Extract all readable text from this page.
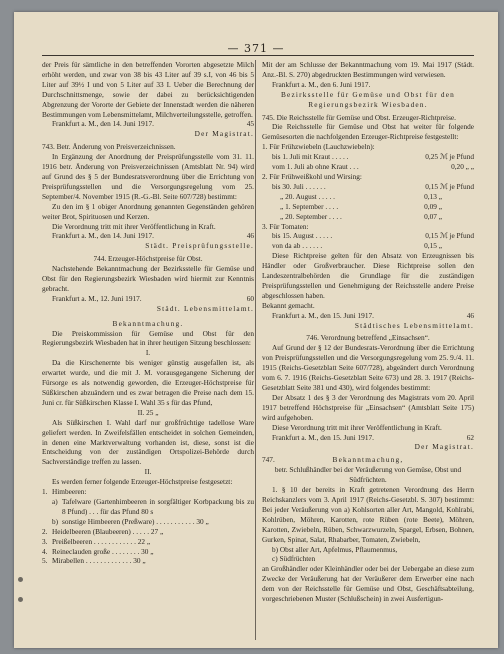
— 371 —

der Preis für sämtliche in den betreffenden Vororten abgesetzte Milch erhöht werden, und zwar von 38 bis 43 Liter auf 39 s.I, von 46 bis 5 Liter auf 39½ I und von 5 Liter auf 33 I. Ueber die Berechnung der Durchschnittsmenge, sowie der dabei zu berücksichtigenden Abgrenzung der Vororte der Gebiete der Innenstadt werden die näheren Bestimmungen vom Lebensmittelamt, Milchverteilungsstelle, getroffen.

Frankfurt a. M., den 14. Juni 1917.	45

Der Magistrat.

743. Betr. Änderung von Preisverzeichnissen.

In Ergänzung der Anordnung der Preisprüfungsstelle vom 31. 11. 1916 betr. Änderung von Preisverzeichnissen (Amtsblatt Nr. 94) wird auf Grund des § 5 der Bundesratsverordnung über die Errichtung von Preisprüfungsstellen und die Versorgungsregelung vom 25. September/4. November 1915 (R.-G.-Bl. Seite 607/728) bestimmt:

Zu den im § 1 obiger Anordnung genannten Gegenständen gehören weiter Brot, Spirituosen und Kerzen.

Die Verordnung tritt mit ihrer Veröffentlichung in Kraft.

Frankfurt a. M., den 14. Juni 1917.	46

Städt. Preisprüfungsstelle.

744. Erzeuger-Höchstpreise für Obst.

Nachstehende Bekanntmachung der Bezirksstelle für Gemüse und Obst für den Regierungsbezirk Wiesbaden wird hiermit zur Kenntnis gebracht.

Frankfurt a. M., 12. Juni 1917.	60

Städt. Lebensmittelamt.

Bekanntmachung.

Die Preiskommission für Gemüse und Obst für den Regierungsbezirk Wiesbaden hat in ihrer heutigen Sitzung beschlossen:

I.

Da die Kirschenernte bis weniger günstig ausgefallen ist, als erwartet wurde, und die mit J. M. vorausgegangene Sicherung der Fürsorge es als notwendig geworden, die Erzeuger-Höchstpreise für Süßkirschen abzuändern und es zwar betragen die Preise nach dem 15. Juni cr. für Süßkirschen Klasse I. Wahl 35 s für das Pfund,

II. 25 „

Als Süßkirschen I. Wahl darf nur großfrüchtige tadellose Ware geliefert werden. In Zweifelsfällen entscheidet in solchen Gemeinden, in denen eine Marktverwaltung vorhanden ist, diese, sonst ist die Entscheidung von der zuständigen Ortspolizei-Behörde durch Sachverständige treffen zu lassen.

II.

Es werden ferner folgende Erzeuger-Höchstpreise festgesetzt:

1. Himbeeren:
a) Tafelware (Gartenhimbeeren in sorgfältiger Korbpackung bis zu 8 Pfund) . . . für das Pfund 80 s
b) sonstige Himbeeren (Preßware) . . . . . . . . . . . 30 „
2. Heidelbeeren (Blaubeeren) . . . . . 27 „
3. Preißelbeeren . . . . . . . . . . . . 22 „
4. Reineclauden große . . . . . . . . 30 „
5. Mirabellen . . . . . . . . . . . . . 30 „

Mit der am Schlusse der Bekanntmachung vom 19. Mai 1917 (Städt. Anz.-Bl. S. 270) abgedruckten Bestimmungen wird verwiesen.

Frankfurt a. M., den 6. Juni 1917.

Bezirksstelle für Gemüse und Obst für den Regierungsbezirk Wiesbaden.

745. Die Reichsstelle für Gemüse und Obst. Erzeuger-Richtpreise.

Die Reichsstelle für Gemüse und Obst hat weiter für folgende Gemüsesorten die nachfolgenden Erzeuger-Richtpreise festgestellt:

1. Für Frühzwiebeln (Lauchzwiebeln):

bis 1. Juli mit Kraut . . . . .	0,25 ℳ je Pfund
vom 1. Juli ab ohne Kraut . . .	0,20 „ „

2. Für Frühweißkohl und Wirsing:

bis 30. Juli . . . . . .	0,15 ℳ je Pfund
„ 20. August . . . . .	0,13 „
„ 1. September . . . .	0,09 „
„ 20. September . . . .	0,07 „

3. Für Tomaten:

bis 15. August . . . . .	0,15 ℳ je Pfund
von da ab . . . . . .	0,15 „

Diese Richtpreise gelten für den Absatz von Erzeugnissen bis Händler oder Großverbraucher. Diese Richtpreise sollen den Landeszentralbehörden die Grundlage für die zuständigen Preisprüfungsstellen und Genehmigung der Reichsstelle andere Preise abgeschlossen haben.

Bekannt gemacht.

Frankfurt a. M., den 15. Juni 1917.	46

Städtisches Lebensmittelamt.

746. Verordnung betreffend „Einsachsen“.

Auf Grund der § 12 der Bundesrats-Verordnung über die Errichtung von Preisprüfungsstellen und die Versorgungsregelung vom 25. 9./4. 11. 1915 (Reichs-Gesetzblatt Seite 607/728), abgeändert durch Verordnung vom 6. 7. 1916 (Reichs-Gesetzblatt Seite 673) und 28. 3. 1917 (Reichs-Gesetzblatt Seite 381 und 430), wird folgendes bestimmt:

Der Absatz 1 des § 3 der Verordnung des Magistrats vom 20. April 1917 betreffend Höchstpreise für „Einsachsen“ (Amtsblatt Seite 175) wird aufgehoben.

Diese Verordnung tritt mit ihrer Veröffentlichung in Kraft.

Frankfurt a. M., den 15. Juni 1917.	62

Der Magistrat.

747.	Bekanntmachung,

betr. Schlußhändler bei der Veräußerung von Gemüse, Obst und Südfrüchten.

1. § 10 der bereits in Kraft getretenen Verordnung des Herrn Reichskanzlers vom 3. April 1917 (Reichs-Gesetzbl. S. 307) bestimmt: Bei jeder Veräußerung von a) Kohlsorten aller Art, Mangold, Kohlrabi, Kohlrüben, Möhren, Karotten, rote Rüben (rote Beete), Möhren, Karotten, Zwiebeln, Rüben, Schwarzwurzeln, Spargel, Erbsen, Bohnen, Gurken, Spinat, Salat, Rhabarber, Tomaten, Zwiebeln,

b) Obst aller Art, Apfelmus, Pflaumenmus,

c) Südfrüchten

an Großhändler oder Kleinhändler oder bei der Uebergabe an diese zum Zwecke der Veräußerung hat der Veräußerer dem Erwerber eine nach dem von der Reichsstelle für Gemüse und Obst, Geschäftsabteilung, vorgeschriebenen Muster (Schlußschein) in zwei Ausfertigun-
